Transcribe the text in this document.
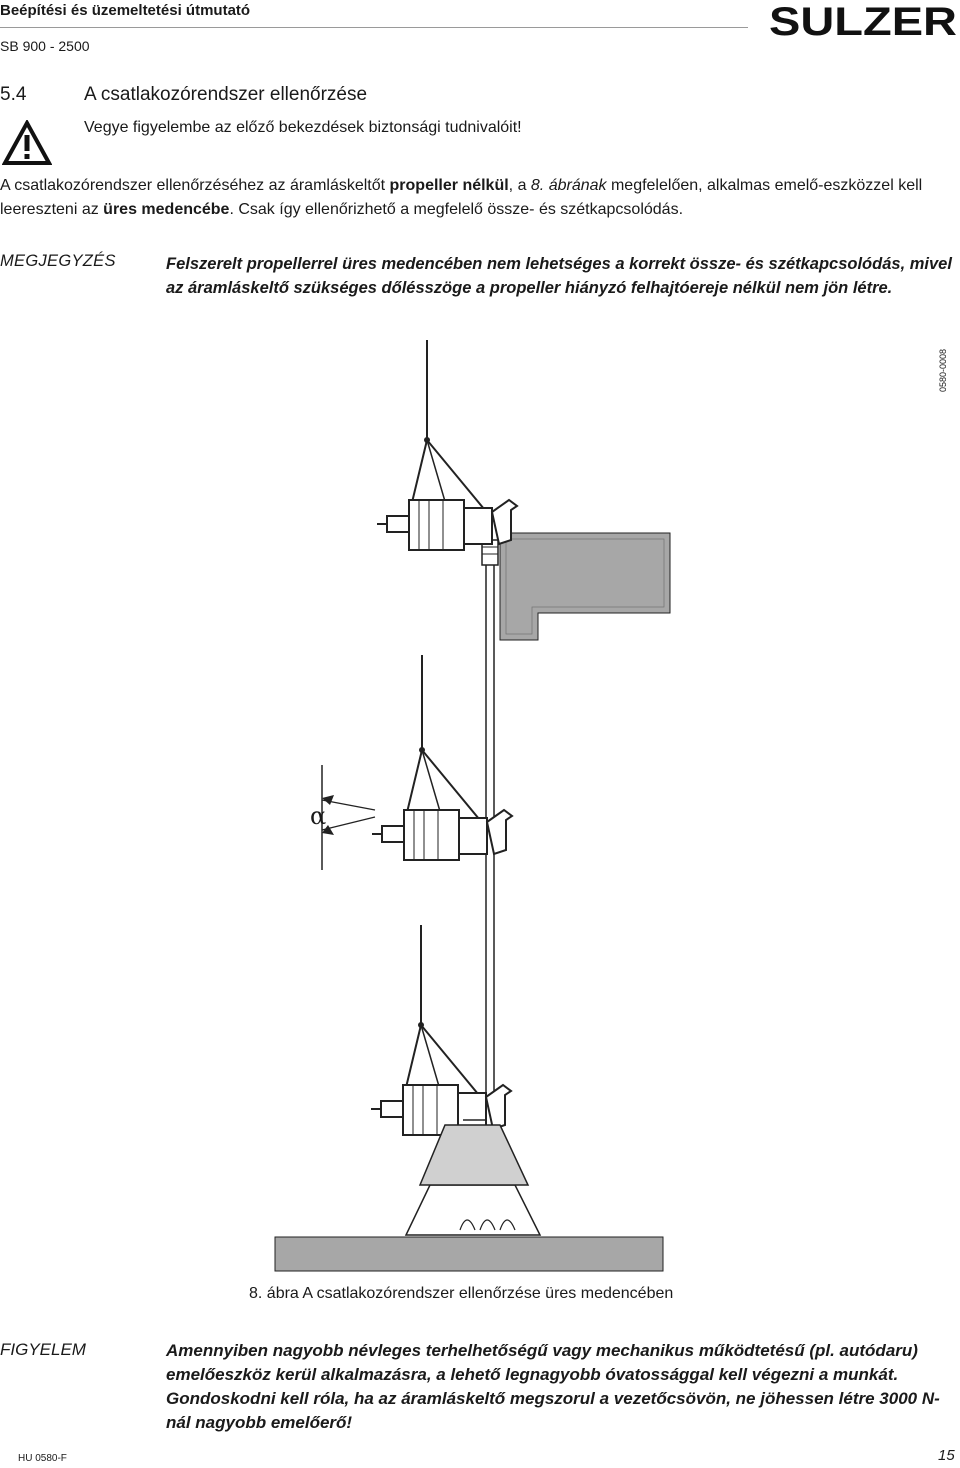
Beépítési és üzemeltetési útmutató
SB 900 - 2500
SULZER
5.4	A csatlakozórendszer ellenőrzése
Vegye figyelembe az előző bekezdések biztonsági tudnivalóit!
A csatlakozórendszer ellenőrzéséhez az áramláskeltőt propeller nélkül, a 8. ábrának megfelelően, alkalmas emelő-eszközzel kell leereszteni az üres medencébe. Csak így ellenőrizhető a megfelelő össze- és szétkapcsolódás.
MEGJEGYZÉS	Felszerelt propellerrel üres medencében nem lehetséges a korrekt össze- és szétkapcsolódás, mivel az áramláskeltő szükséges dőlésszöge a propeller hiányzó felhajtóereje nélkül nem jön létre.
0580-0008
α
8. ábra A csatlakozórendszer ellenőrzése üres medencében
FIGYELEM	Amennyiben nagyobb névleges terhelhetőségű vagy mechanikus működtetésű (pl. autódaru) emelőeszköz kerül alkalmazásra, a lehető legnagyobb óvatossággal kell végezni a munkát. Gondoskodni kell róla, ha az áramláskeltő megszorul a vezetőcsövön, ne jöhessen létre 3000 N-nál nagyobb emelőerő!
HU 0580-F	15
